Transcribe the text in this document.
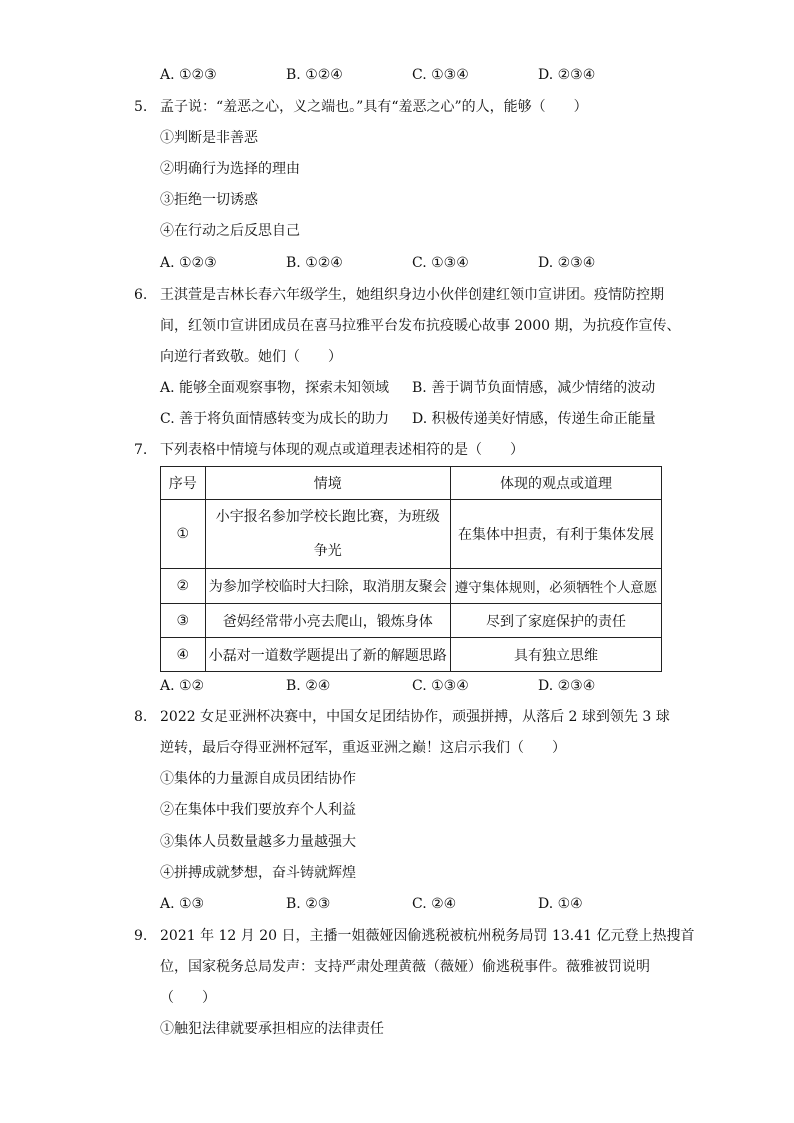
A. ①②③	B. ①②④	C. ①③④	D. ②③④
5. 孟子说：“羞恶之心，义之端也。”具有“羞恶之心”的人，能够（　　）
①判断是非善恶
②明确行为选择的理由
③拒绝一切诱惑
④在行动之后反思自己
A. ①②③	B. ①②④	C. ①③④	D. ②③④
6. 王淇萱是吉林长春六年级学生，她组织身边小伙伴创建红领巾宣讲团。疫情防控期
间，红领巾宣讲团成员在喜马拉雅平台发布抗疫暖心故事 2000 期，为抗疫作宣传、
向逆行者致敬。她们（　　）
A. 能够全面观察事物，探索未知领域 B. 善于调节负面情感，减少情绪的波动
C. 善于将负面情感转变为成长的助力 D. 积极传递美好情感，传递生命正能量
7. 下列表格中情境与体现的观点或道理表述相符的是（　　）
序号	情境	体现的观点或道理
①	小宇报名参加学校长跑比赛，为班级争光	在集体中担责，有利于集体发展
②	为参加学校临时大扫除，取消朋友聚会	遵守集体规则，必须牺牲个人意愿
③	爸妈经常带小亮去爬山，锻炼身体	尽到了家庭保护的责任
④	小磊对一道数学题提出了新的解题思路	具有独立思维
A. ①②	B. ②④	C. ①③④	D. ②③④
8. 2022 女足亚洲杯决赛中，中国女足团结协作，顽强拼搏，从落后 2 球到领先 3 球
逆转，最后夺得亚洲杯冠军，重返亚洲之巅！这启示我们（　　）
①集体的力量源自成员团结协作
②在集体中我们要放弃个人利益
③集体人员数量越多力量越强大
④拼搏成就梦想，奋斗铸就辉煌
A. ①③	B. ②③	C. ②④	D. ①④
9. 2021 年 12 月 20 日，主播一姐薇娅因偷逃税被杭州税务局罚 13.41 亿元登上热搜首
位，国家税务总局发声：支持严肃处理黄薇（薇娅）偷逃税事件。薇雅被罚说明
（　　）
①触犯法律就要承担相应的法律责任
